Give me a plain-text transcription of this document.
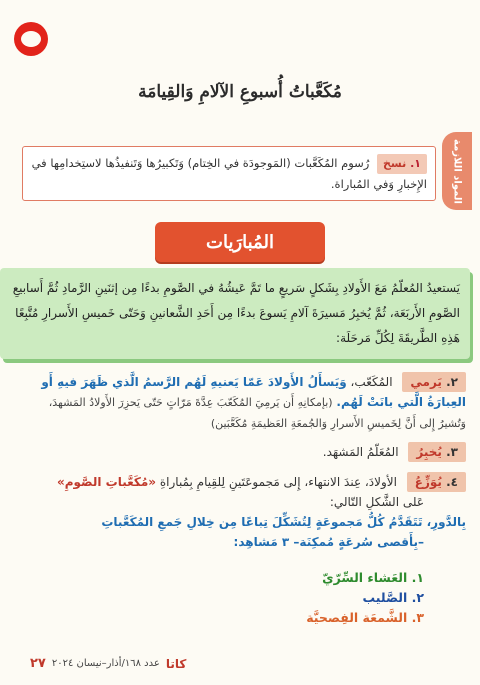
مُكَعَّباتُ أُسبوعِ الآلامِ وَالقِيامَة
المواد اللازمة
١. نسخ رُسوم المُكَعَّبات (المَوجودَة في الخِتام) وَتَكبيرُها وَتَنفيذُها لاستِخدامِها في الإِخبارِ وَفي المُباراة.
المُبارَيات
يَستعيدُ المُعلّمُ مَعَ الأَولادِ بِشَكلٍ سَريعٍ ما تَمَّ عَيشُهُ في الصَّومِ بدءًا مِن إثنَينِ الرَّمادِ ثُمَّ أَسابيعِ الصَّومِ الأَربَعَة، ثُمَّ يُخبِرُ مَسيرَةَ آلامِ يَسوعَ بدءًا مِن أَحَدِ الشَّعانينِ وَحَتّى خَميسِ الأَسرارِ مُتَّبِعًا هَذِهِ الطَّريقَةَ لِكُلِّ مَرحَلَة:
٢. يَرمي المُكَعّب، وَيَسأَلُ الأَولادَ عَمّا يَعنيهِ لَهُم الرَّسمُ الَّذي ظَهَرَ فيهِ أَو العِبارَةُ الَّتي بانَتْ لَهُم. (بإمكانِهِ أَن يَرمِيَ المُكَعّبَ عِدَّةَ مَرّاتٍ حَتّى يَحزِرَ الأَولادُ المَشهدَ، وَتُشيرُ إِلى أَنَّ لِخَميسِ الأَسرارِ وَالجُمعَةِ العَظيمَةِ مُكَعَّبَين)
٣. يُخبِرُ المُعَلّمُ المَشهَد.
٤. يُوَزِّعُ الأولادَ، عِندَ الانتهاء، إِلى مَجموعَتَينِ لِلقِيامِ بِمُباراةِ «مُكَعَّباتِ الصَّومِ»
عَلى الشَّكلِ التّالي:
بِالدَّورِ، تَتَقَدَّمُ كُلُّ مَجموعَةٍ لِتُشَكِّلَ تِباعًا مِن خِلالِ جَمعِ المُكَعَّباتِ
–بِأَقصى سُرعَةٍ مُمكِنَة– ٣ مَشاهِد:
١. العَشاء السِّرّيّ
٢. الصَّليب
٣. الشَّمعَة الفِصحيَّة
٢٧ عدد ١٦٨/أذار–نيسان ٢٠٢٤ كاتا
